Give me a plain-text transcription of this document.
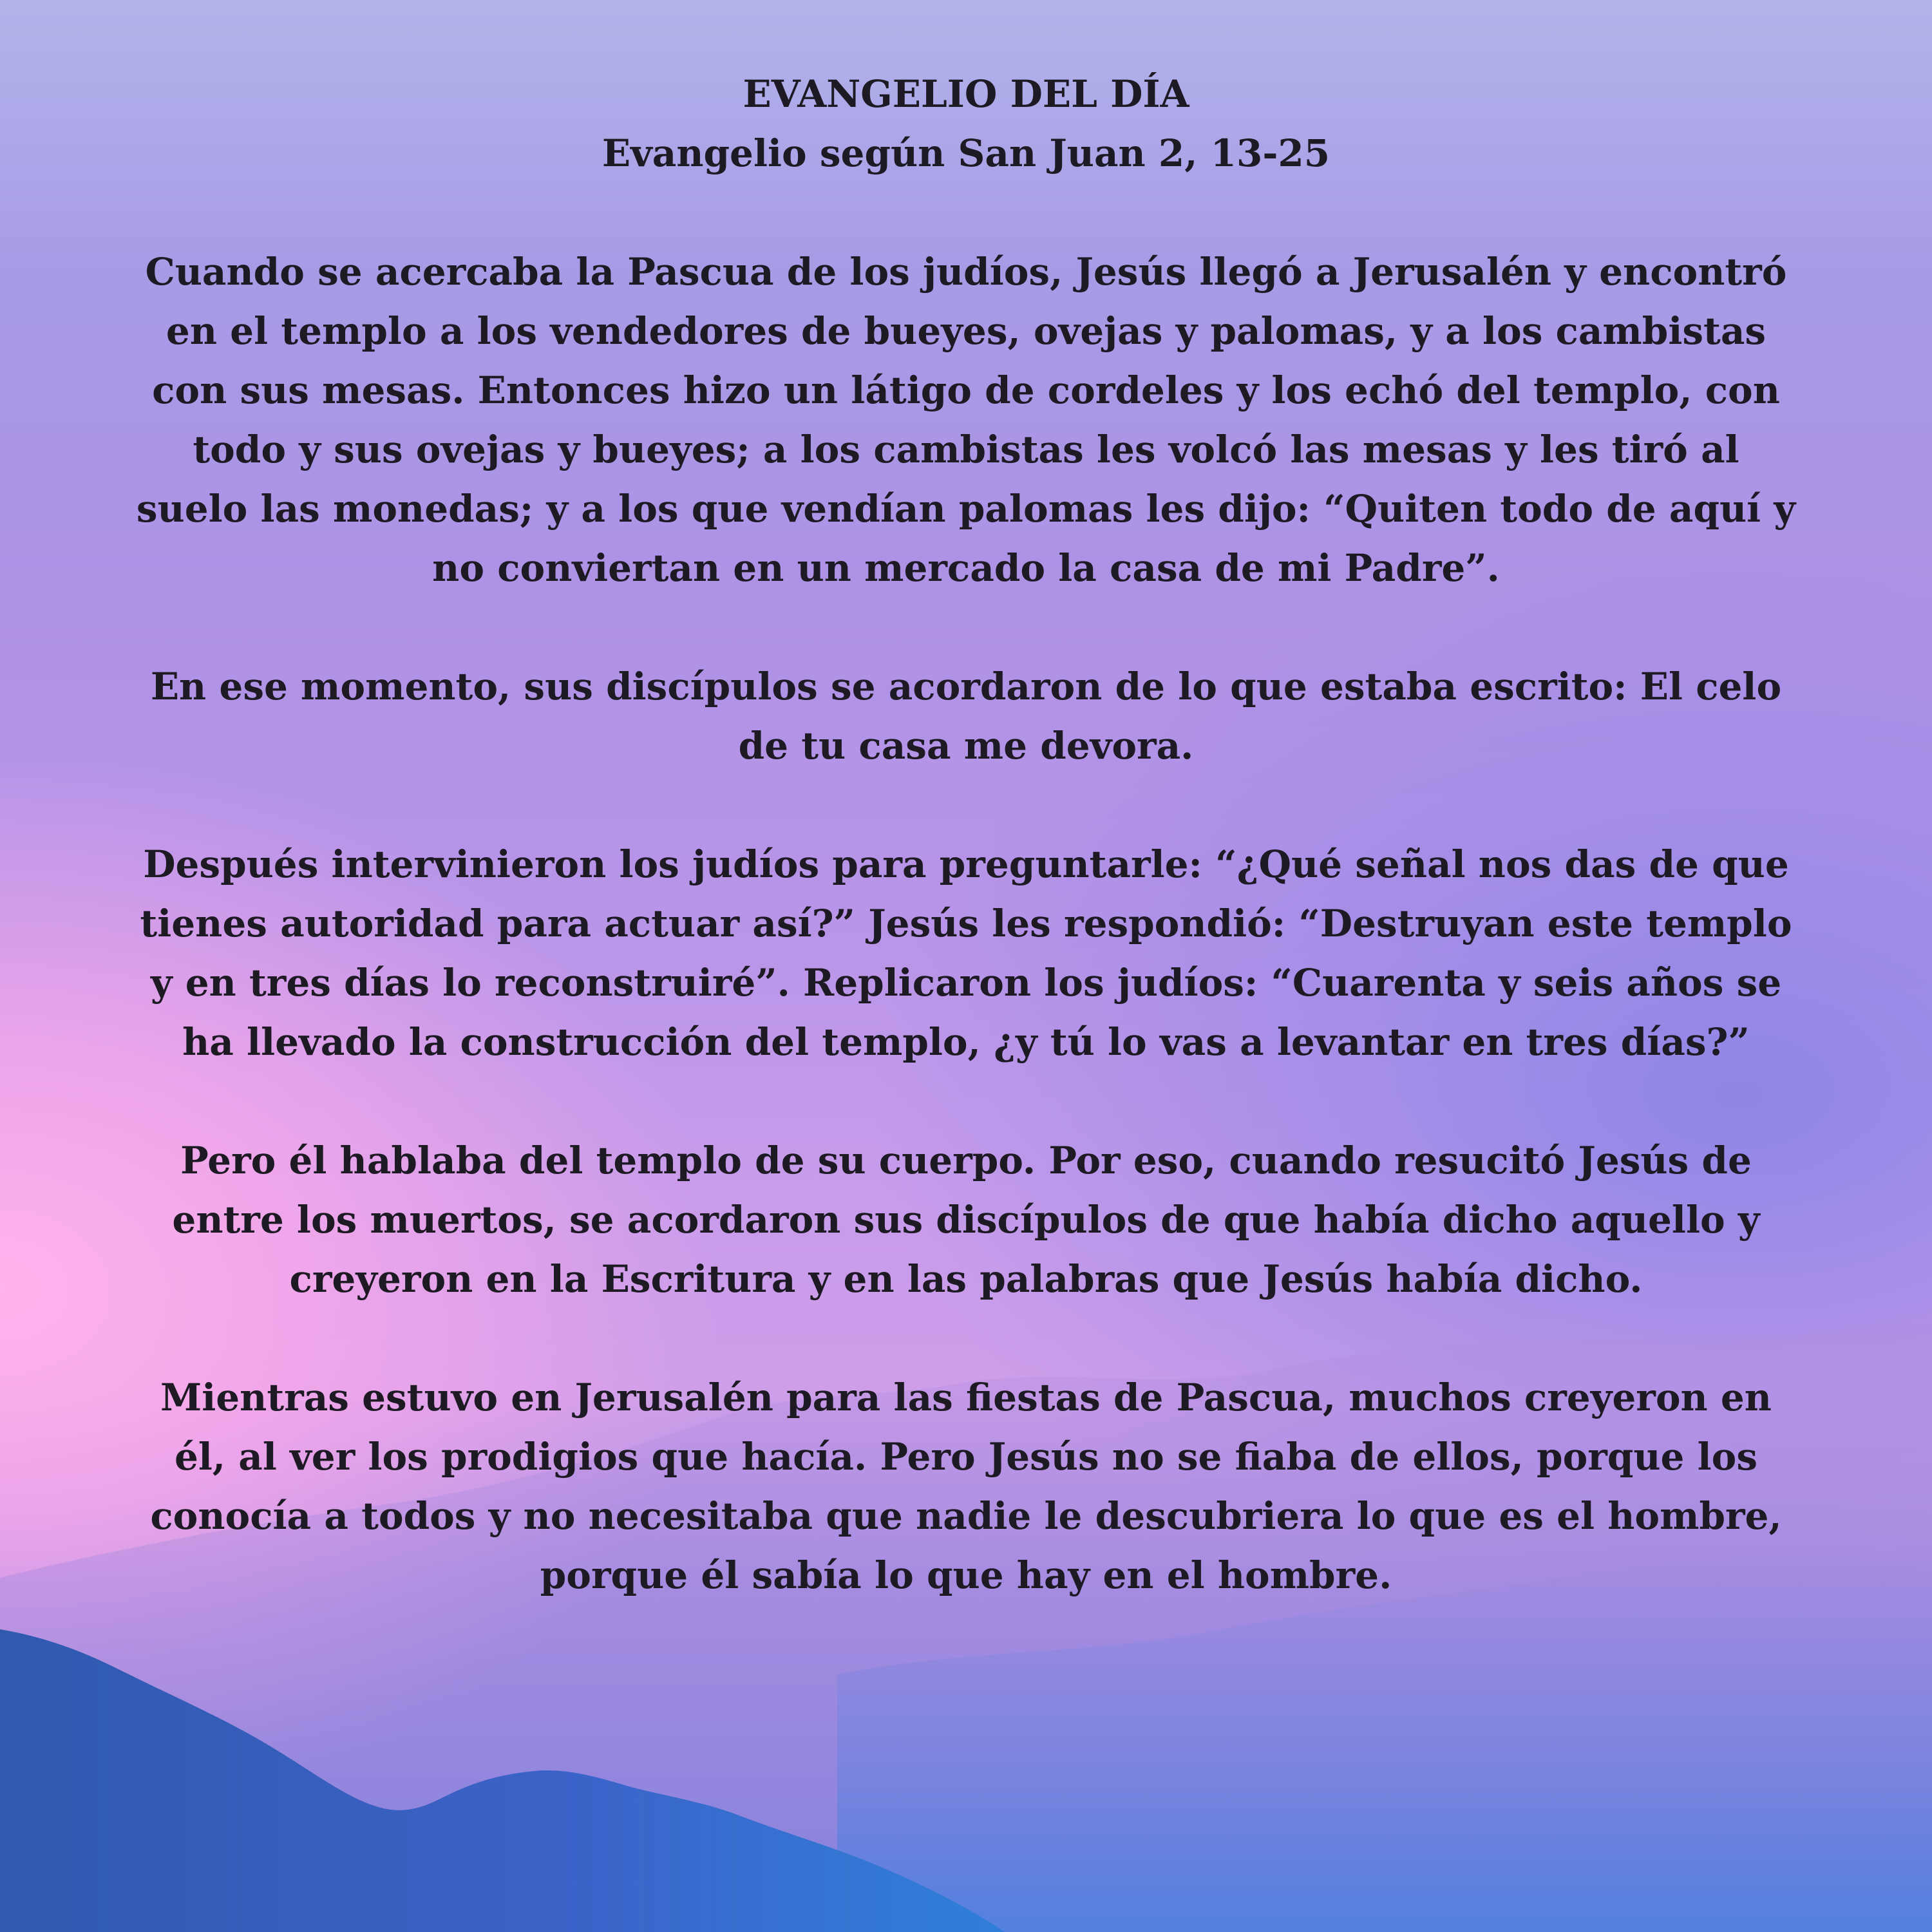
EVANGELIO DEL DÍA

Evangelio según San Juan 2, 13-25

Cuando se acercaba la Pascua de los judíos, Jesús llegó a Jerusalén y encontró en el templo a los vendedores de bueyes, ovejas y palomas, y a los cambistas con sus mesas. Entonces hizo un látigo de cordeles y los echó del templo, con todo y sus ovejas y bueyes; a los cambistas les volcó las mesas y les tiró al suelo las monedas; y a los que vendían palomas les dijo: “Quiten todo de aquí y no conviertan en un mercado la casa de mi Padre”.

En ese momento, sus discípulos se acordaron de lo que estaba escrito: El celo de tu casa me devora.

Después intervinieron los judíos para preguntarle: “¿Qué señal nos das de que tienes autoridad para actuar así?” Jesús les respondió: “Destruyan este templo y en tres días lo reconstruiré”. Replicaron los judíos: “Cuarenta y seis años se ha llevado la construcción del templo, ¿y tú lo vas a levantar en tres días?”

Pero él hablaba del templo de su cuerpo. Por eso, cuando resucitó Jesús de entre los muertos, se acordaron sus discípulos de que había dicho aquello y creyeron en la Escritura y en las palabras que Jesús había dicho.

Mientras estuvo en Jerusalén para las fiestas de Pascua, muchos creyeron en él, al ver los prodigios que hacía. Pero Jesús no se fiaba de ellos, porque los conocía a todos y no necesitaba que nadie le descubriera lo que es el hombre, porque él sabía lo que hay en el hombre.
